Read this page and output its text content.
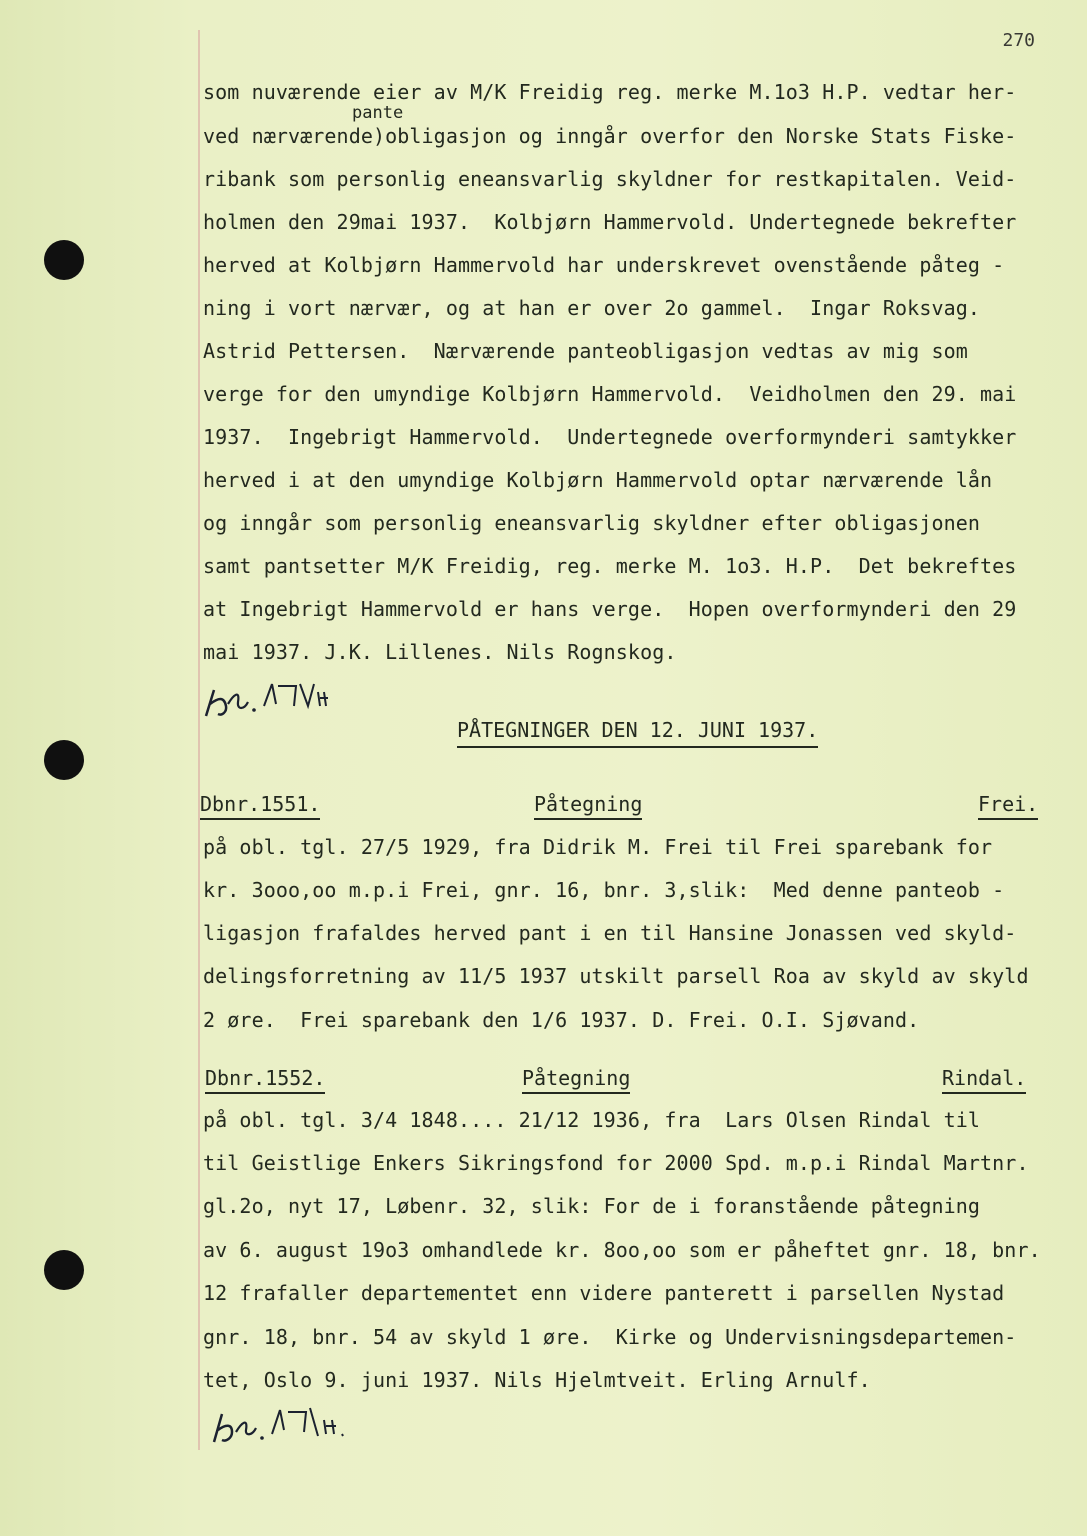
270
pante
som nuværende eier av M/K Freidig reg. merke M.1o3 H.P. vedtar her-
ved nærværende)obligasjon og inngår overfor den Norske Stats Fiske-
ribank som personlig eneansvarlig skyldner for restkapitalen. Veid-
holmen den 29mai 1937.  Kolbjørn Hammervold. Undertegnede bekrefter
herved at Kolbjørn Hammervold har underskrevet ovenstående påteg -
ning i vort nærvær, og at han er over 2o gammel.  Ingar Roksvag.
Astrid Pettersen.  Nærværende panteobligasjon vedtas av mig som
verge for den umyndige Kolbjørn Hammervold.  Veidholmen den 29. mai
1937.  Ingebrigt Hammervold.  Undertegnede overformynderi samtykker
herved i at den umyndige Kolbjørn Hammervold optar nærværende lån
og inngår som personlig eneansvarlig skyldner efter obligasjonen
samt pantsetter M/K Freidig, reg. merke M. 1o3. H.P.  Det bekreftes
at Ingebrigt Hammervold er hans verge.  Hopen overformynderi den 29
mai 1937. J.K. Lillenes. Nils Rognskog.
PÅTEGNINGER DEN 12. JUNI 1937.
Dbnr.1551.	Påtegning	Frei.
på obl. tgl. 27/5 1929, fra Didrik M. Frei til Frei sparebank for
kr. 3ooo,oo m.p.i Frei, gnr. 16, bnr. 3,slik:  Med denne panteob -
ligasjon frafaldes herved pant i en til Hansine Jonassen ved skyld-
delingsforretning av 11/5 1937 utskilt parsell Roa av skyld av skyld
2 øre.  Frei sparebank den 1/6 1937. D. Frei. O.I. Sjøvand.
Dbnr.1552.	Påtegning	Rindal.
på obl. tgl. 3/4 1848.... 21/12 1936, fra  Lars Olsen Rindal til
til Geistlige Enkers Sikringsfond for 2000 Spd. m.p.i Rindal Martnr.
gl.2o, nyt 17, Løbenr. 32, slik: For de i foranstående påtegning
av 6. august 19o3 omhandlede kr. 8oo,oo som er påheftet gnr. 18, bnr.
12 frafaller departementet enn videre panterett i parsellen Nystad
gnr. 18, bnr. 54 av skyld 1 øre.  Kirke og Undervisningsdepartemen-
tet, Oslo 9. juni 1937. Nils Hjelmtveit. Erling Arnulf.
